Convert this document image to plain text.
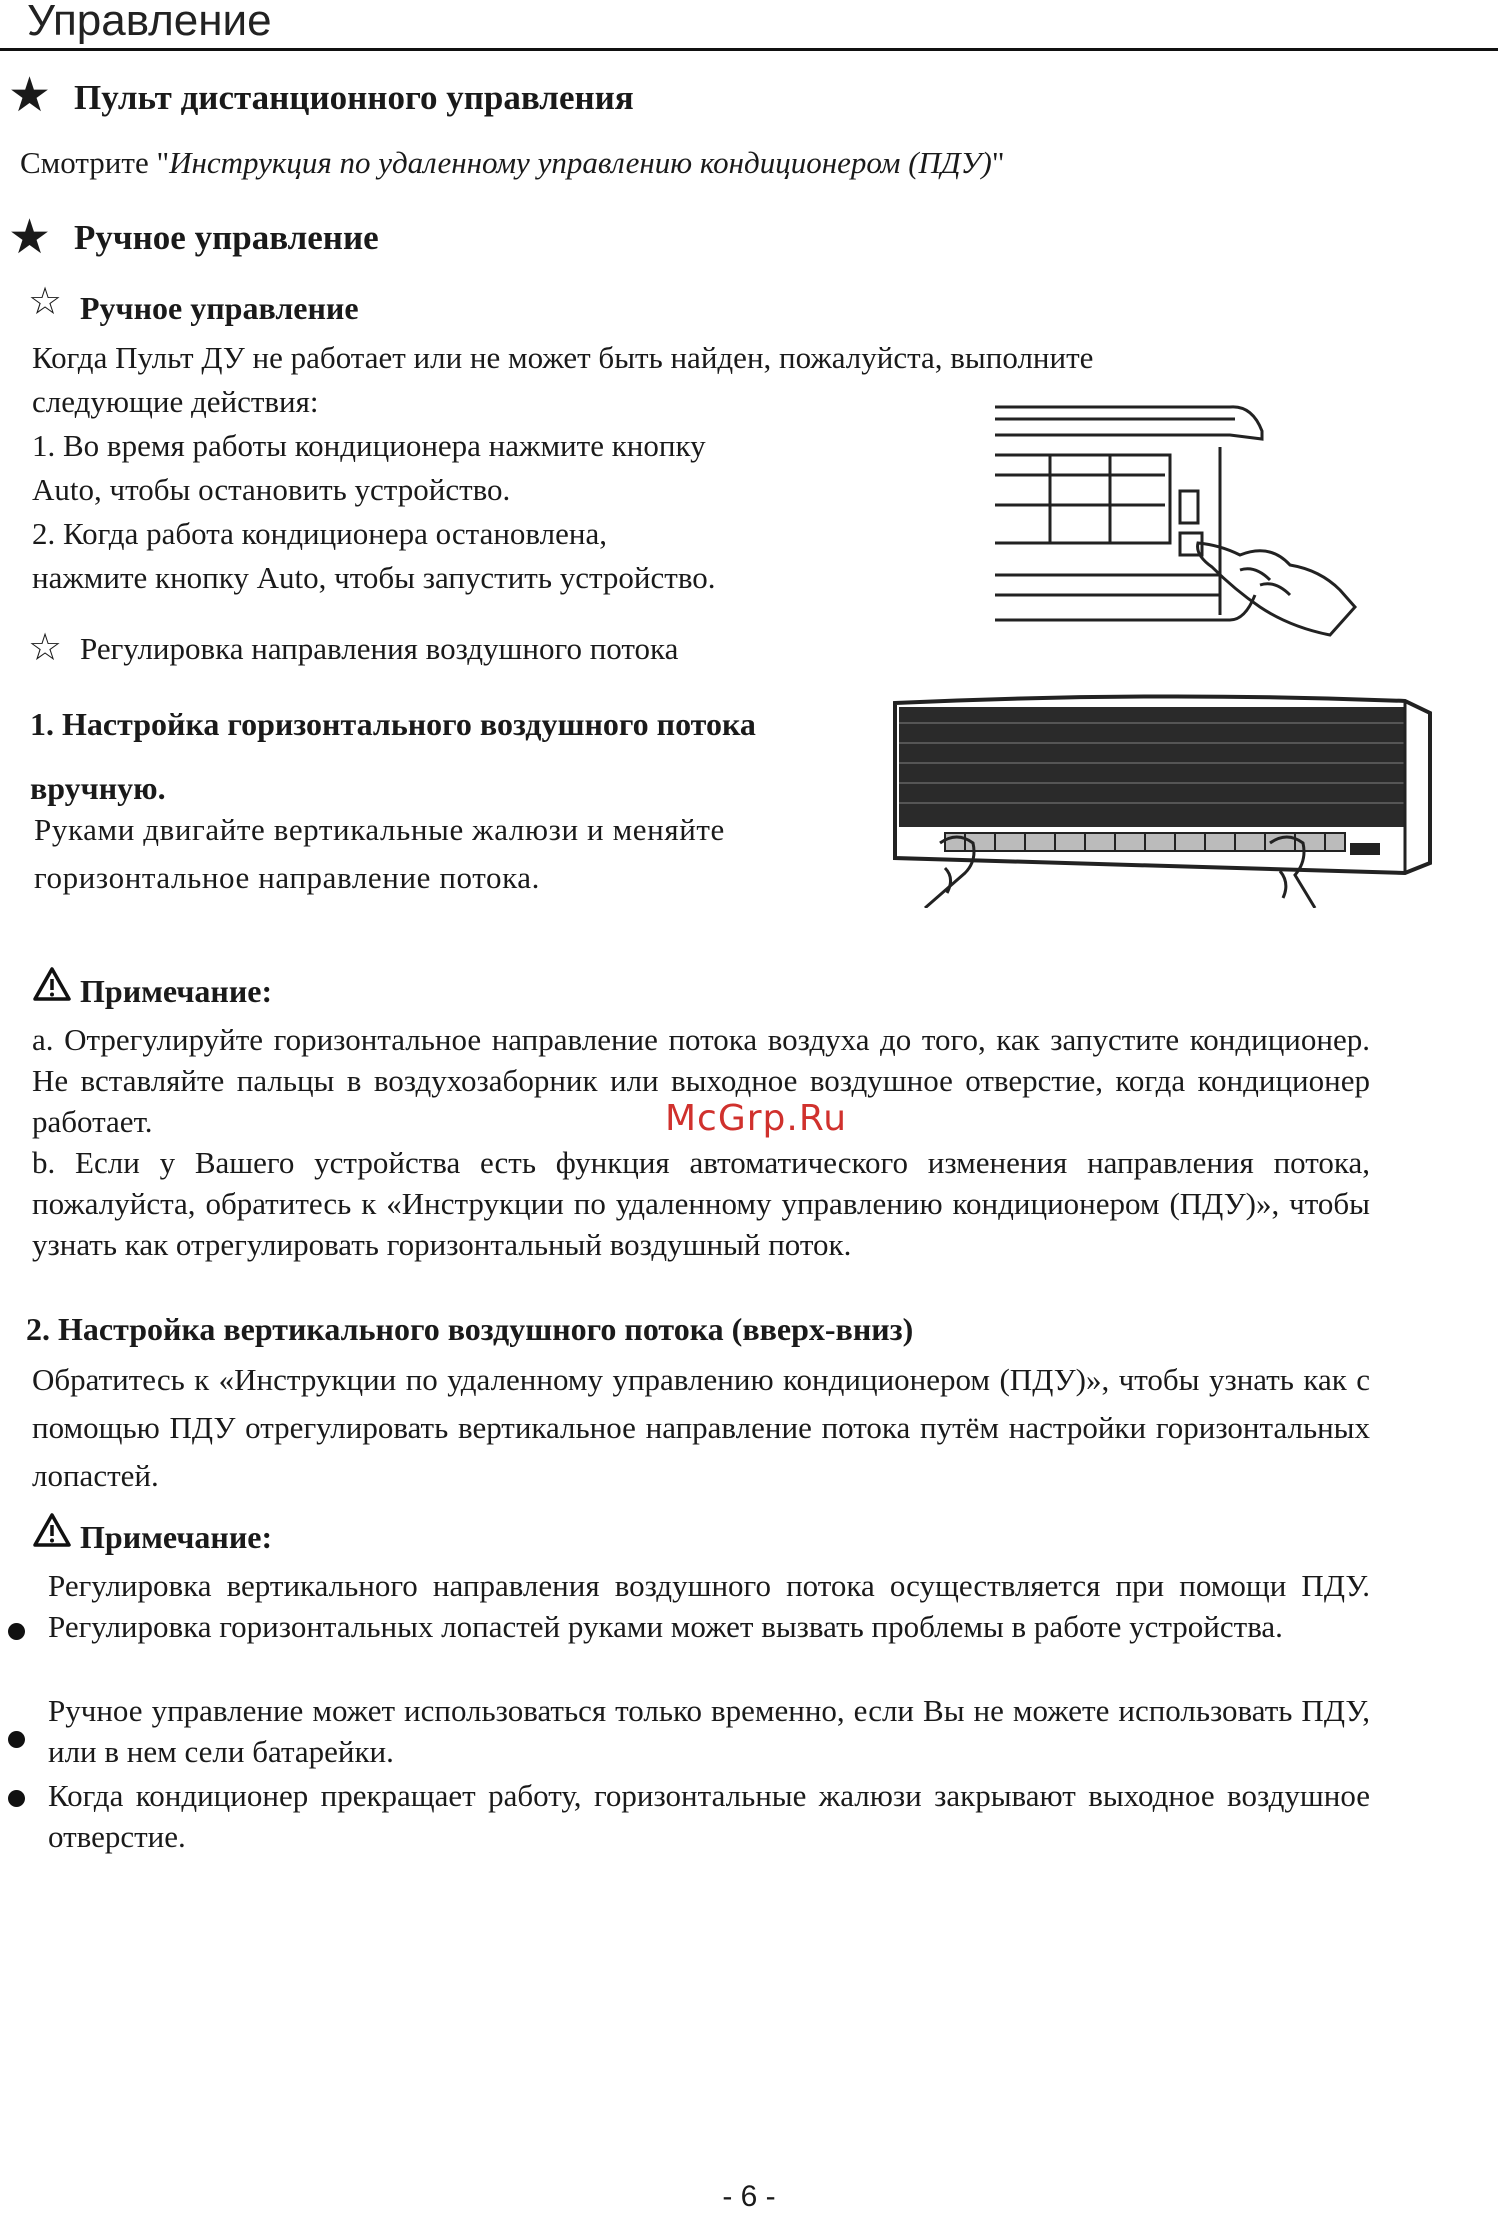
Управление
★ Пульт дистанционного управления
Смотрите "Инструкция по удаленному управлению кондиционером (ПДУ)"
★ Ручное управление
☆ Ручное управление
Когда Пульт ДУ не работает или не может быть найден, пожалуйста, выполните
следующие действия:
1. Во время работы кондиционера нажмите кнопку
Auto, чтобы остановить устройство.
2. Когда работа кондиционера остановлена,
нажмите кнопку Auto, чтобы запустить устройство.
☆ Регулировка направления воздушного потока
1. Настройка горизонтального воздушного потока
вручную.
Руками двигайте вертикальные жалюзи и меняйте
горизонтальное направление потока.
Примечание:
a. Отрегулируйте горизонтальное направление потока воздуха до того, как запустите кондиционер. Не вставляйте пальцы в воздухозаборник или выходное воздушное отверстие, когда кондиционер работает.	McGrp.Ru
b. Если у Вашего устройства есть функция автоматического изменения направления потока, пожалуйста, обратитесь к «Инструкции по удаленному управлению кондиционером (ПДУ)», чтобы узнать как отрегулировать горизонтальный воздушный поток.
2. Настройка вертикального воздушного потока (вверх-вниз)
Обратитесь к «Инструкции по удаленному управлению кондиционером (ПДУ)», чтобы узнать как с помощью ПДУ отрегулировать вертикальное направление потока путём настройки горизонтальных лопастей.
Примечание:
Регулировка вертикального направления воздушного потока осуществляется при помощи ПДУ. Регулировка горизонтальных лопастей руками может вызвать проблемы в работе устройства.
Ручное управление может использоваться только временно, если Вы не можете использовать ПДУ, или в нем сели батарейки.
Когда кондиционер прекращает работу, горизонтальные жалюзи закрывают выходное воздушное отверстие.
- 6 -
